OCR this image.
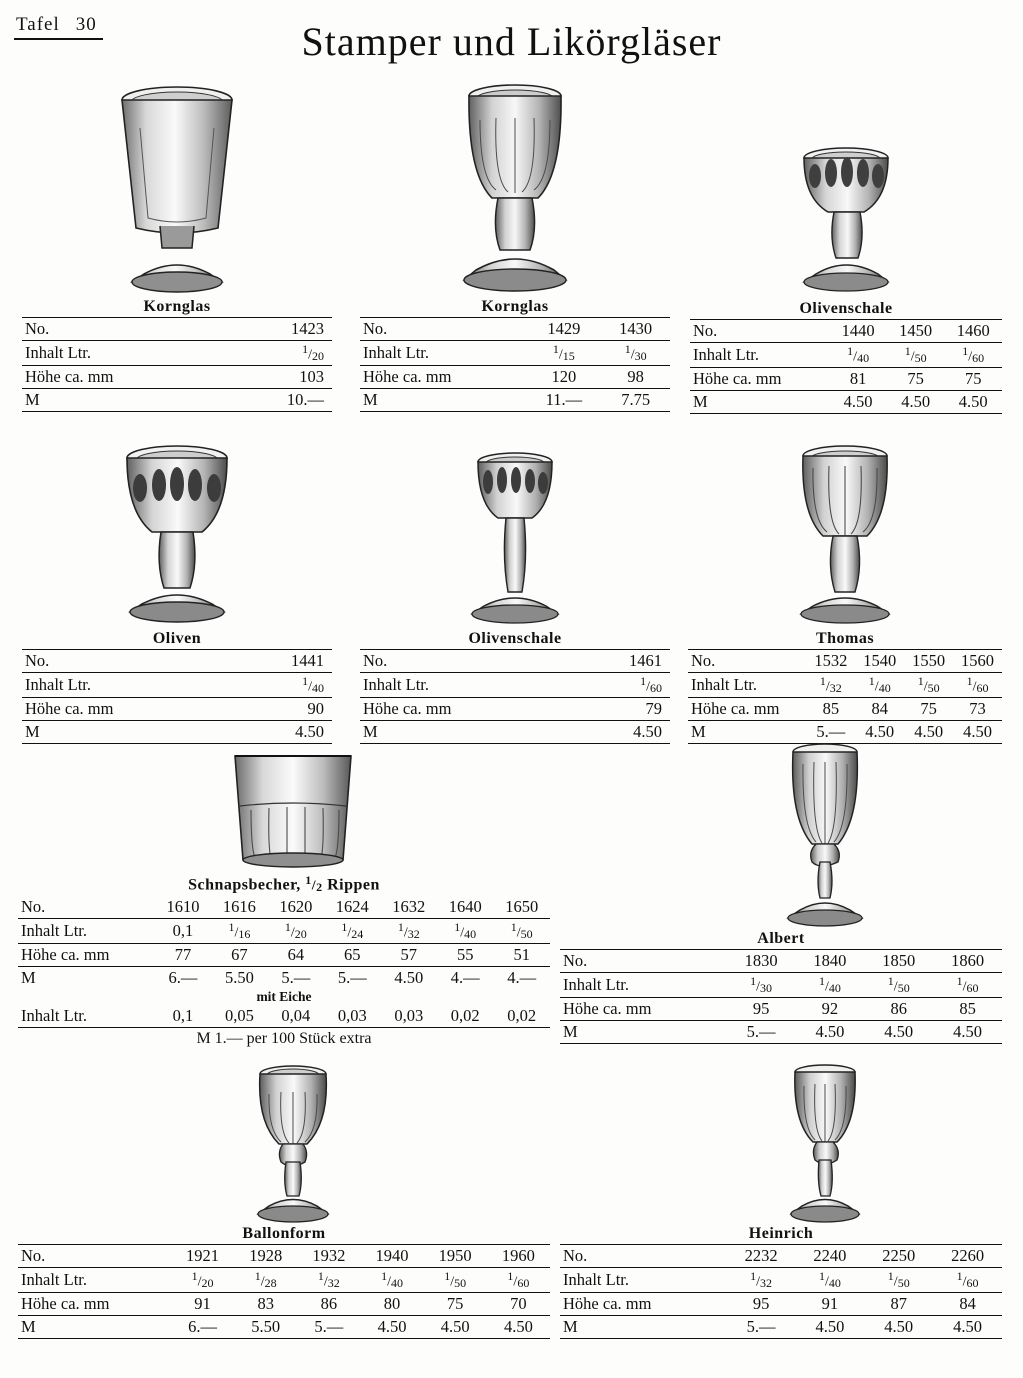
Tafel 30	Stamper und Likörgläser
Kornglas
No.	1423
Inhalt Ltr.	$^1/_{20}$
Höhe ca. mm	103
M	10.—
Kornglas
No.	1429	1430
Inhalt Ltr.	$^1/_{15}$	$^1/_{30}$
Höhe ca. mm	120	98
M	11.—	7.75
Olivenschale
No.	1440	1450	1460
Inhalt Ltr.	$^1/_{40}$	$^1/_{50}$	$^1/_{60}$
Höhe ca. mm	81	75	75
M	4.50	4.50	4.50
Oliven
No.	1441
Inhalt Ltr.	$^1/_{40}$
Höhe ca. mm	90
M	4.50
Olivenschale
No.	1461
Inhalt Ltr.	$^1/_{60}$
Höhe ca. mm	79
M	4.50
Thomas
No.	1532	1540	1550	1560
Inhalt Ltr.	$^1/_{32}$	$^1/_{40}$	$^1/_{50}$	$^1/_{60}$
Höhe ca. mm	85	84	75	73
M	5.—	4.50	4.50	4.50
Schnapsbecher, $^1/_2$ Rippen
No.	1610	1616	1620	1624	1632	1640	1650
Inhalt Ltr.	0,1	$^1/_{16}$	$^1/_{20}$	$^1/_{24}$	$^1/_{32}$	$^1/_{40}$	$^1/_{50}$
Höhe ca. mm	77	67	64	65	57	55	51
M	6.—	5.50	5.—	5.—	4.50	4.—	4.—
mit Eiche							
Inhalt Ltr.	0,1	0,05	0,04	0,03	0,03	0,02	0,02
M 1.— per 100 Stück extra
Albert
No.	1830	1840	1850	1860
Inhalt Ltr.	$^1/_{30}$	$^1/_{40}$	$^1/_{50}$	$^1/_{60}$
Höhe ca. mm	95	92	86	85
M	5.—	4.50	4.50	4.50
Ballonform
No.	1921	1928	1932	1940	1950	1960
Inhalt Ltr.	$^1/_{20}$	$^1/_{28}$	$^1/_{32}$	$^1/_{40}$	$^1/_{50}$	$^1/_{60}$
Höhe ca. mm	91	83	86	80	75	70
M	6.—	5.50	5.—	4.50	4.50	4.50
Heinrich
No.	2232	2240	2250	2260
Inhalt Ltr.	$^1/_{32}$	$^1/_{40}$	$^1/_{50}$	$^1/_{60}$
Höhe ca. mm	95	91	87	84
M	5.—	4.50	4.50	4.50
